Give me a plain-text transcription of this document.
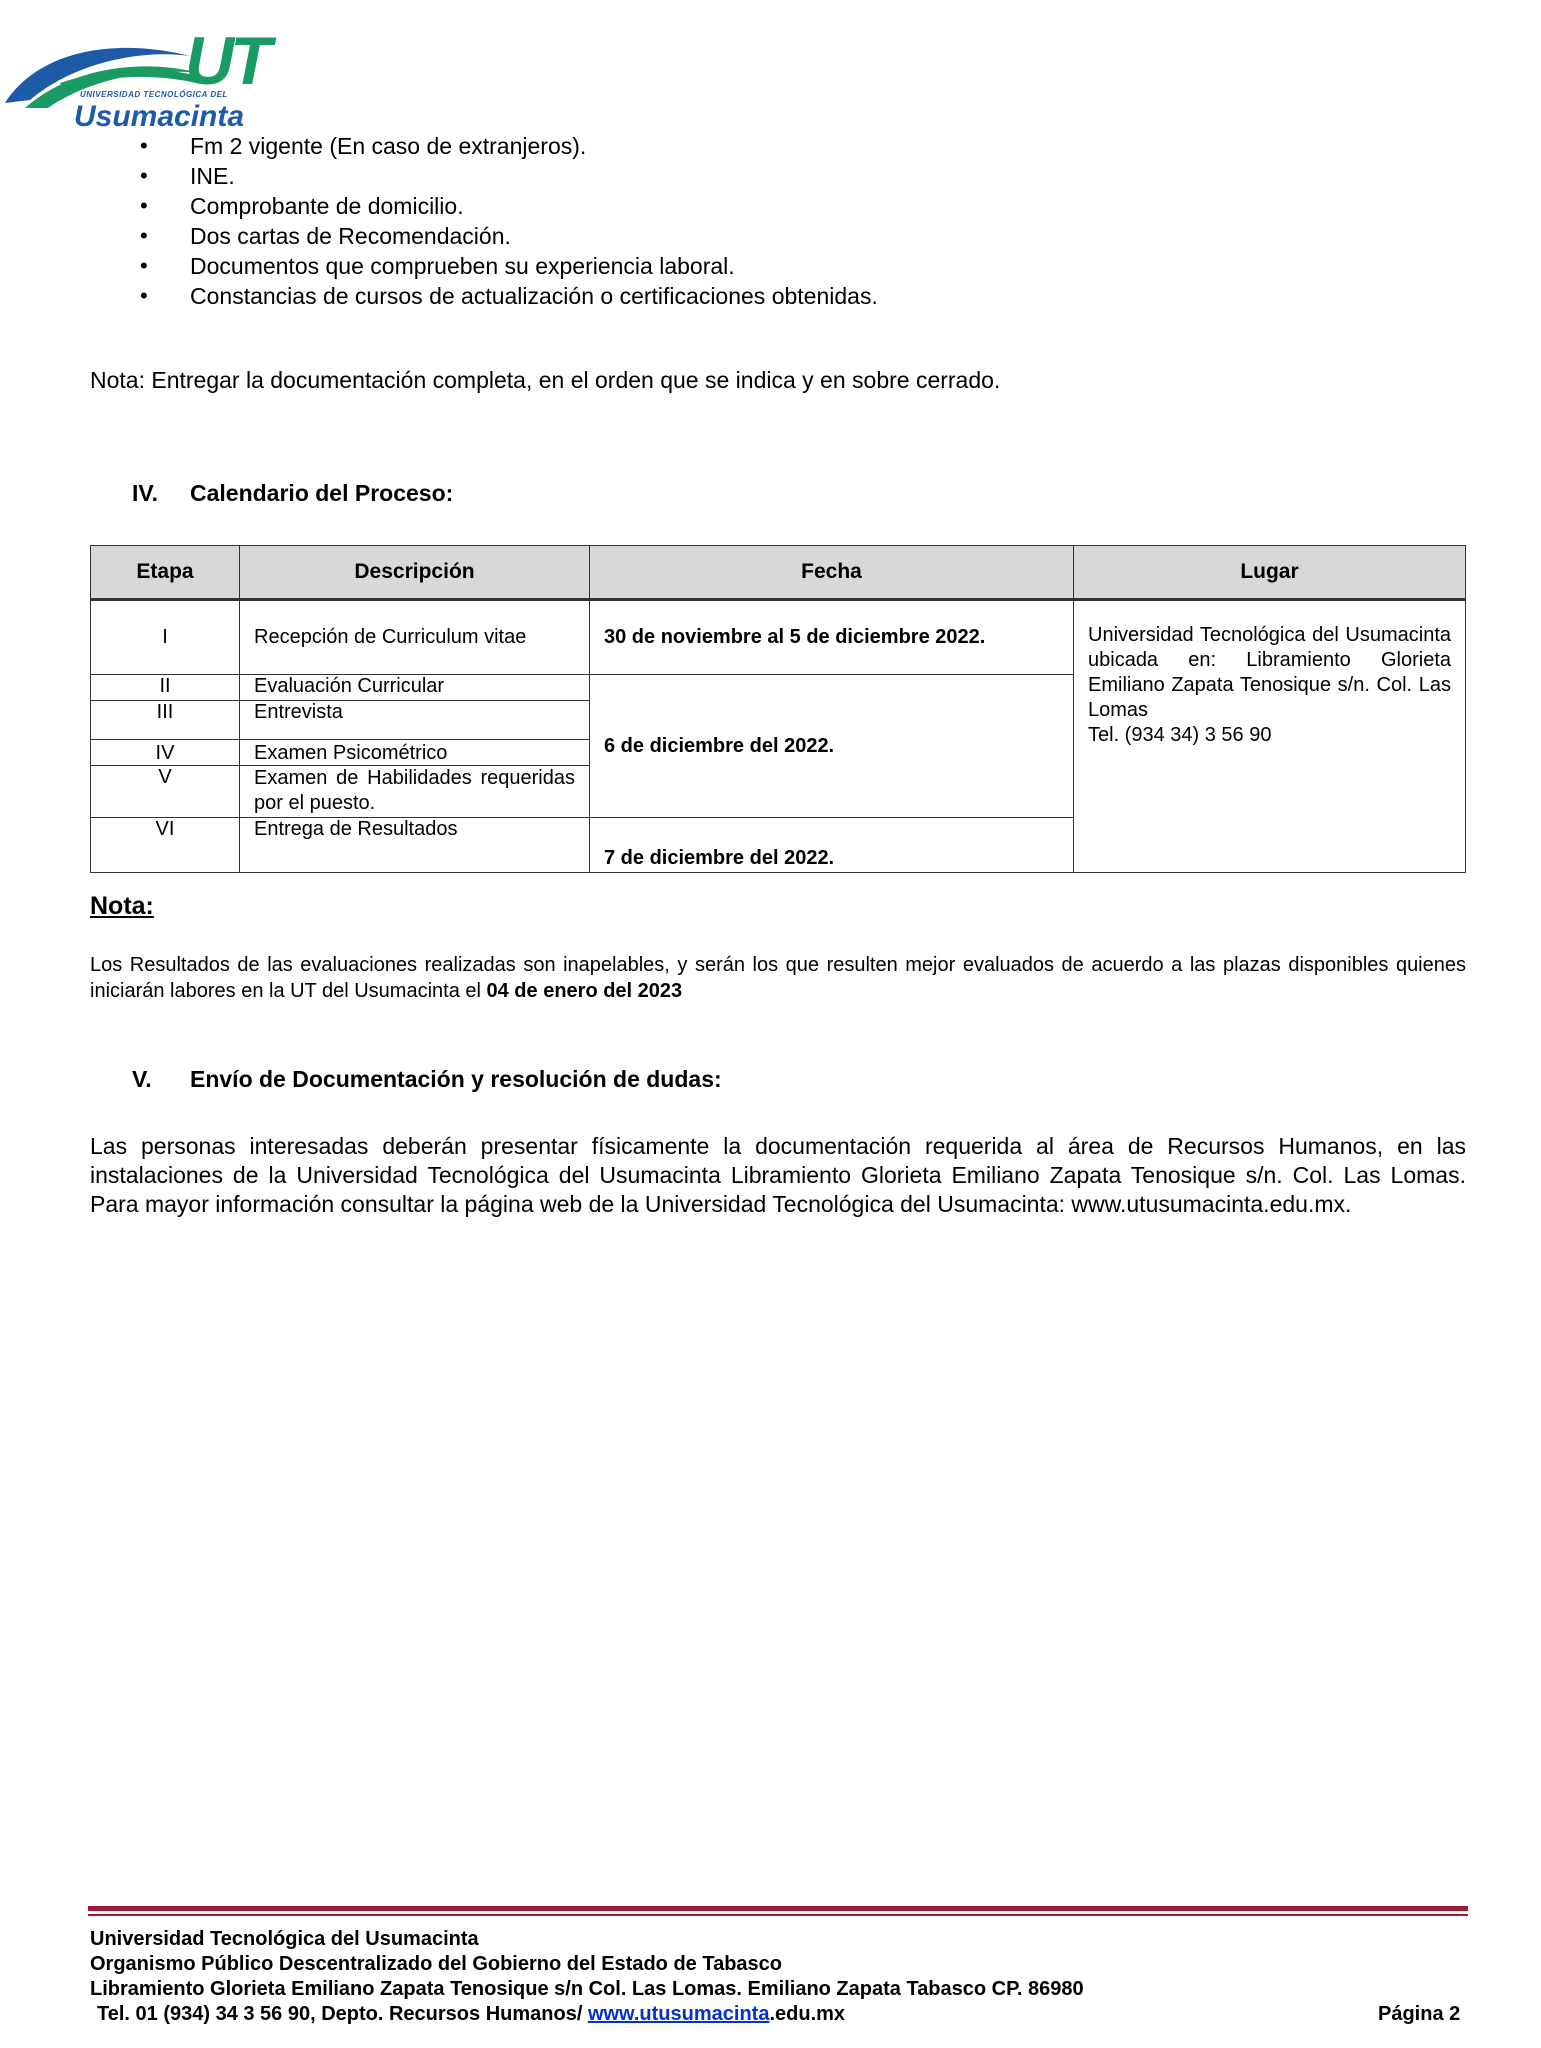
UT
UNIVERSIDAD TECNOLÓGICA DEL
Usumacinta
• Fm 2 vigente (En caso de extranjeros).
• INE.
• Comprobante de domicilio.
• Dos cartas de Recomendación.
• Documentos que comprueben su experiencia laboral.
• Constancias de cursos de actualización o certificaciones obtenidas.
Nota: Entregar la documentación completa, en el orden que se indica y en sobre cerrado.
IV. Calendario del Proceso:
Etapa	Descripción	Fecha	Lugar
I	Recepción de Curriculum vitae	30 de noviembre al 5 de diciembre 2022.	Universidad Tecnológica del Usumacinta ubicada en: Libramiento Glorieta Emiliano Zapata Tenosique s/n. Col. Las Lomas
Tel. (934 34) 3 56 90

II	Evaluación Curricular	6 de diciembre del 2022.	
III	Entrevista		
IV	Examen Psicométrico		
V	Examen de Habilidades requeridas por el puesto.		
VI	Entrega de Resultados	7 de diciembre del 2022.	
Nota:
Los Resultados de las evaluaciones realizadas son inapelables, y serán los que resulten mejor evaluados de acuerdo a las plazas disponibles quienes iniciarán labores en la UT del Usumacinta el 04 de enero del 2023
V. Envío de Documentación y resolución de dudas:
Las personas interesadas deberán presentar físicamente la documentación requerida al área de Recursos Humanos, en las instalaciones de la Universidad Tecnológica del Usumacinta Libramiento Glorieta Emiliano Zapata Tenosique s/n. Col. Las Lomas. Para mayor información consultar la página web de la Universidad Tecnológica del Usumacinta: www.utusumacinta.edu.mx.
Universidad Tecnológica del Usumacinta
Organismo Público Descentralizado del Gobierno del Estado de Tabasco
Libramiento Glorieta Emiliano Zapata Tenosique s/n Col. Las Lomas. Emiliano Zapata Tabasco CP. 86980
Tel. 01 (934) 34 3 56 90, Depto. Recursos Humanos/ www.utusumacinta.edu.mx	Página 2
